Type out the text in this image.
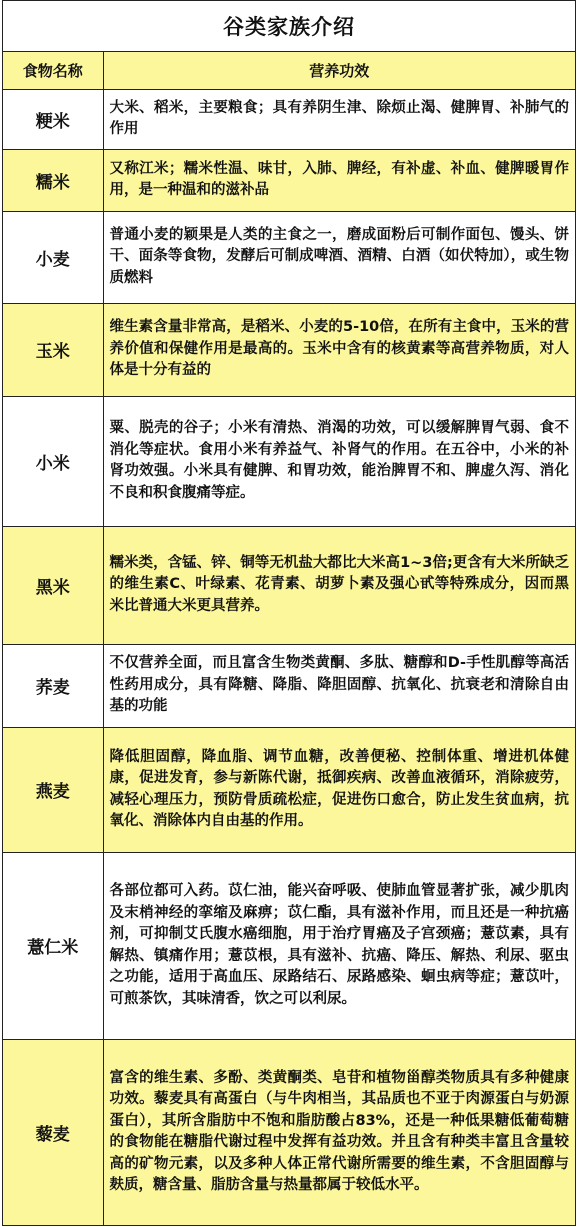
谷类家族介绍
食物名称	营养功效
粳米	大米、稻米，主要粮食；具有养阴生津、除烦止渴、健脾胃、补肺气的作用
糯米	又称江米；糯米性温、味甘，入肺、脾经，有补虚、补血、健脾暖胃作用，是一种温和的滋补品
小麦	普通小麦的颖果是人类的主食之一，磨成面粉后可制作面包、馒头、饼干、面条等食物，发酵后可制成啤酒、酒精、白酒（如伏特加），或生物质燃料
玉米	维生素含量非常高，是稻米、小麦的5-10倍，在所有主食中，玉米的营养价值和保健作用是最高的。玉米中含有的核黄素等高营养物质，对人体是十分有益的
小米	粟、脱壳的谷子；小米有清热、消渴的功效，可以缓解脾胃气弱、食不消化等症状。食用小米有养益气、补肾气的作用。在五谷中，小米的补肾功效强。小米具有健脾、和胃功效，能治脾胃不和、脾虚久泻、消化不良和积食腹痛等症。
黑米	糯米类，含锰、锌、铜等无机盐大都比大米高1~3倍;更含有大米所缺乏的维生素C、叶绿素、花青素、胡萝卜素及强心甙等特殊成分，因而黑米比普通大米更具营养。
荞麦	不仅营养全面，而且富含生物类黄酮、多肽、糖醇和D-手性肌醇等高活性药用成分，具有降糖、降脂、降胆固醇、抗氧化、抗衰老和清除自由基的功能
燕麦	降低胆固醇，降血脂、调节血糖，改善便秘、控制体重、增进机体健康，促进发育，参与新陈代谢，抵御疾病、改善血液循环，消除疲劳，减轻心理压力，预防骨质疏松症，促进伤口愈合，防止发生贫血病，抗氧化、消除体内自由基的作用。
薏仁米	各部位都可入药。苡仁油，能兴奋呼吸、使肺血管显著扩张，减少肌肉及末梢神经的挛缩及麻痹；苡仁酯，具有滋补作用，而且还是一种抗癌剂，可抑制艾氏腹水癌细胞，用于治疗胃癌及子宫颈癌；薏苡素，具有解热、镇痛作用；薏苡根，具有滋补、抗癌、降压、解热、利尿、驱虫之功能，适用于高血压、尿路结石、尿路感染、蛔虫病等症；薏苡叶，可煎茶饮，其味清香，饮之可以利尿。
藜麦	富含的维生素、多酚、类黄酮类、皂苷和植物甾醇类物质具有多种健康功效。藜麦具有高蛋白（与牛肉相当，其品质也不亚于肉源蛋白与奶源蛋白），其所含脂肪中不饱和脂肪酸占83%，还是一种低果糖低葡萄糖的食物能在糖脂代谢过程中发挥有益功效。并且含有种类丰富且含量较高的矿物元素，以及多种人体正常代谢所需要的维生素，不含胆固醇与麸质，糖含量、脂肪含量与热量都属于较低水平。
